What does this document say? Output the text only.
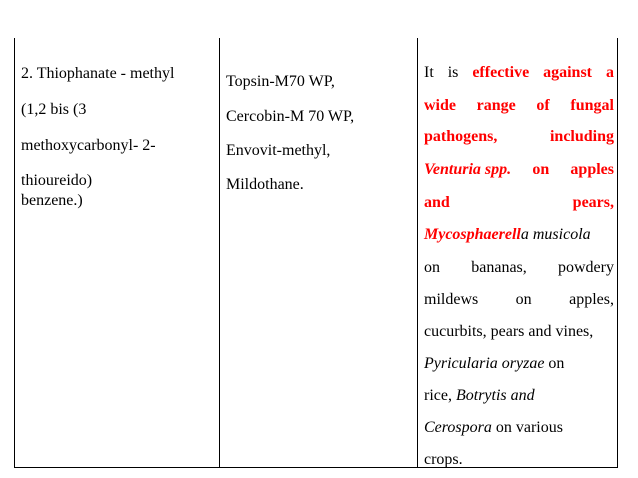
2. Thiophanate - methyl
(1,2 bis (3
methoxycarbonyl- 2-
thioureido)
benzene.)
Topsin-M70 WP,
Cercobin-M 70 WP,
Envovit-methyl,
Mildothane.
It is effective against a
wide range of fungal
pathogens,	including
Venturia spp. on apples
and	pears,
Mycosphaerella musicola
on bananas, powdery
mildews on apples,
cucurbits, pears and vines,
Pyricularia oryzae on
rice, Botrytis and
Cerospora on various
crops.
